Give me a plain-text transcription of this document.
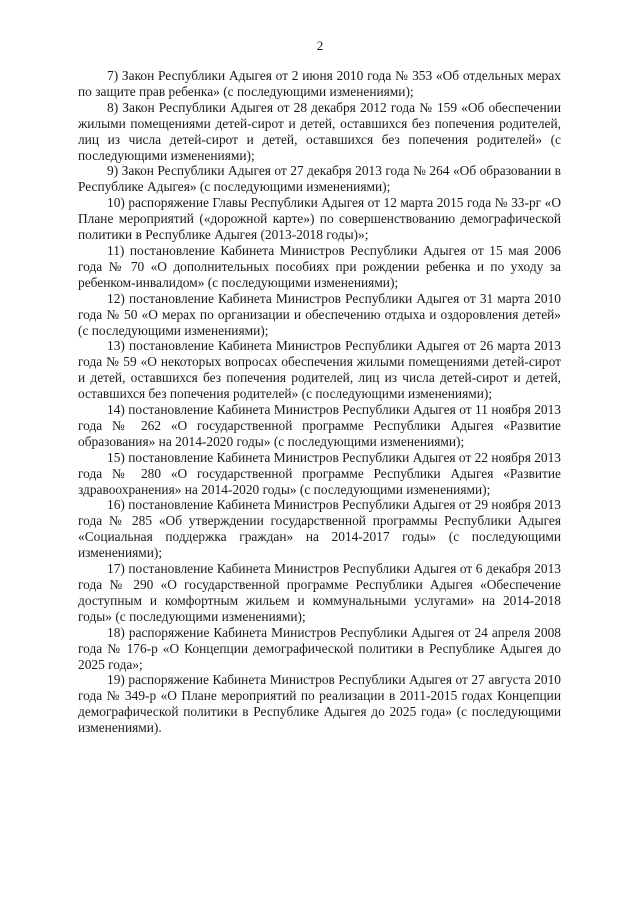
2

7) Закон Республики Адыгея от 2 июня 2010 года № 353 «Об отдельных мерах по защите прав ребенка» (с последующими изменениями);

8) Закон Республики Адыгея от 28 декабря 2012 года № 159 «Об обеспечении жилыми помещениями детей-сирот и детей, оставшихся без попечения родителей, лиц из числа детей-сирот и детей, оставшихся без попечения родителей» (с последующими изменениями);

9) Закон Республики Адыгея от 27 декабря 2013 года № 264 «Об образовании в Республике Адыгея» (с последующими изменениями);

10) распоряжение Главы Республики Адыгея от 12 марта 2015 года № 33-рг «О Плане мероприятий («дорожной карте») по совершенствованию демографической политики в Республике Адыгея (2013-2018 годы)»;

11) постановление Кабинета Министров Республики Адыгея от 15 мая 2006 года № 70 «О дополнительных пособиях при рождении ребенка и по уходу за ребенком-инвалидом» (с последующими изменениями);

12) постановление Кабинета Министров Республики Адыгея от 31 марта 2010 года № 50 «О мерах по организации и обеспечению отдыха и оздоровления детей» (с последующими изменениями);

13) постановление Кабинета Министров Республики Адыгея от 26 марта 2013 года № 59 «О некоторых вопросах обеспечения жилыми помещениями детей-сирот и детей, оставшихся без попечения родителей, лиц из числа детей-сирот и детей, оставшихся без попечения родителей» (с последующими изменениями);

14) постановление Кабинета Министров Республики Адыгея от 11 ноября 2013 года № 262 «О государственной программе Республики Адыгея «Развитие образования» на 2014-2020 годы» (с последующими изменениями);

15) постановление Кабинета Министров Республики Адыгея от 22 ноября 2013 года № 280 «О государственной программе Республики Адыгея «Развитие здравоохранения» на 2014-2020 годы» (с последующими изменениями);

16) постановление Кабинета Министров Республики Адыгея от 29 ноября 2013 года № 285 «Об утверждении государственной программы Республики Адыгея «Социальная поддержка граждан» на 2014-2017 годы» (с последующими изменениями);

17) постановление Кабинета Министров Республики Адыгея от 6 декабря 2013 года № 290 «О государственной программе Республики Адыгея «Обеспечение доступным и комфортным жильем и коммунальными услугами» на 2014-2018 годы» (с последующими изменениями);

18) распоряжение Кабинета Министров Республики Адыгея от 24 апреля 2008 года № 176-р «О Концепции демографической политики в Республике Адыгея до 2025 года»;

19) распоряжение Кабинета Министров Республики Адыгея от 27 августа 2010 года № 349-р «О Плане мероприятий по реализации в 2011-2015 годах Концепции демографической политики в Республике Адыгея до 2025 года» (с последующими изменениями).
